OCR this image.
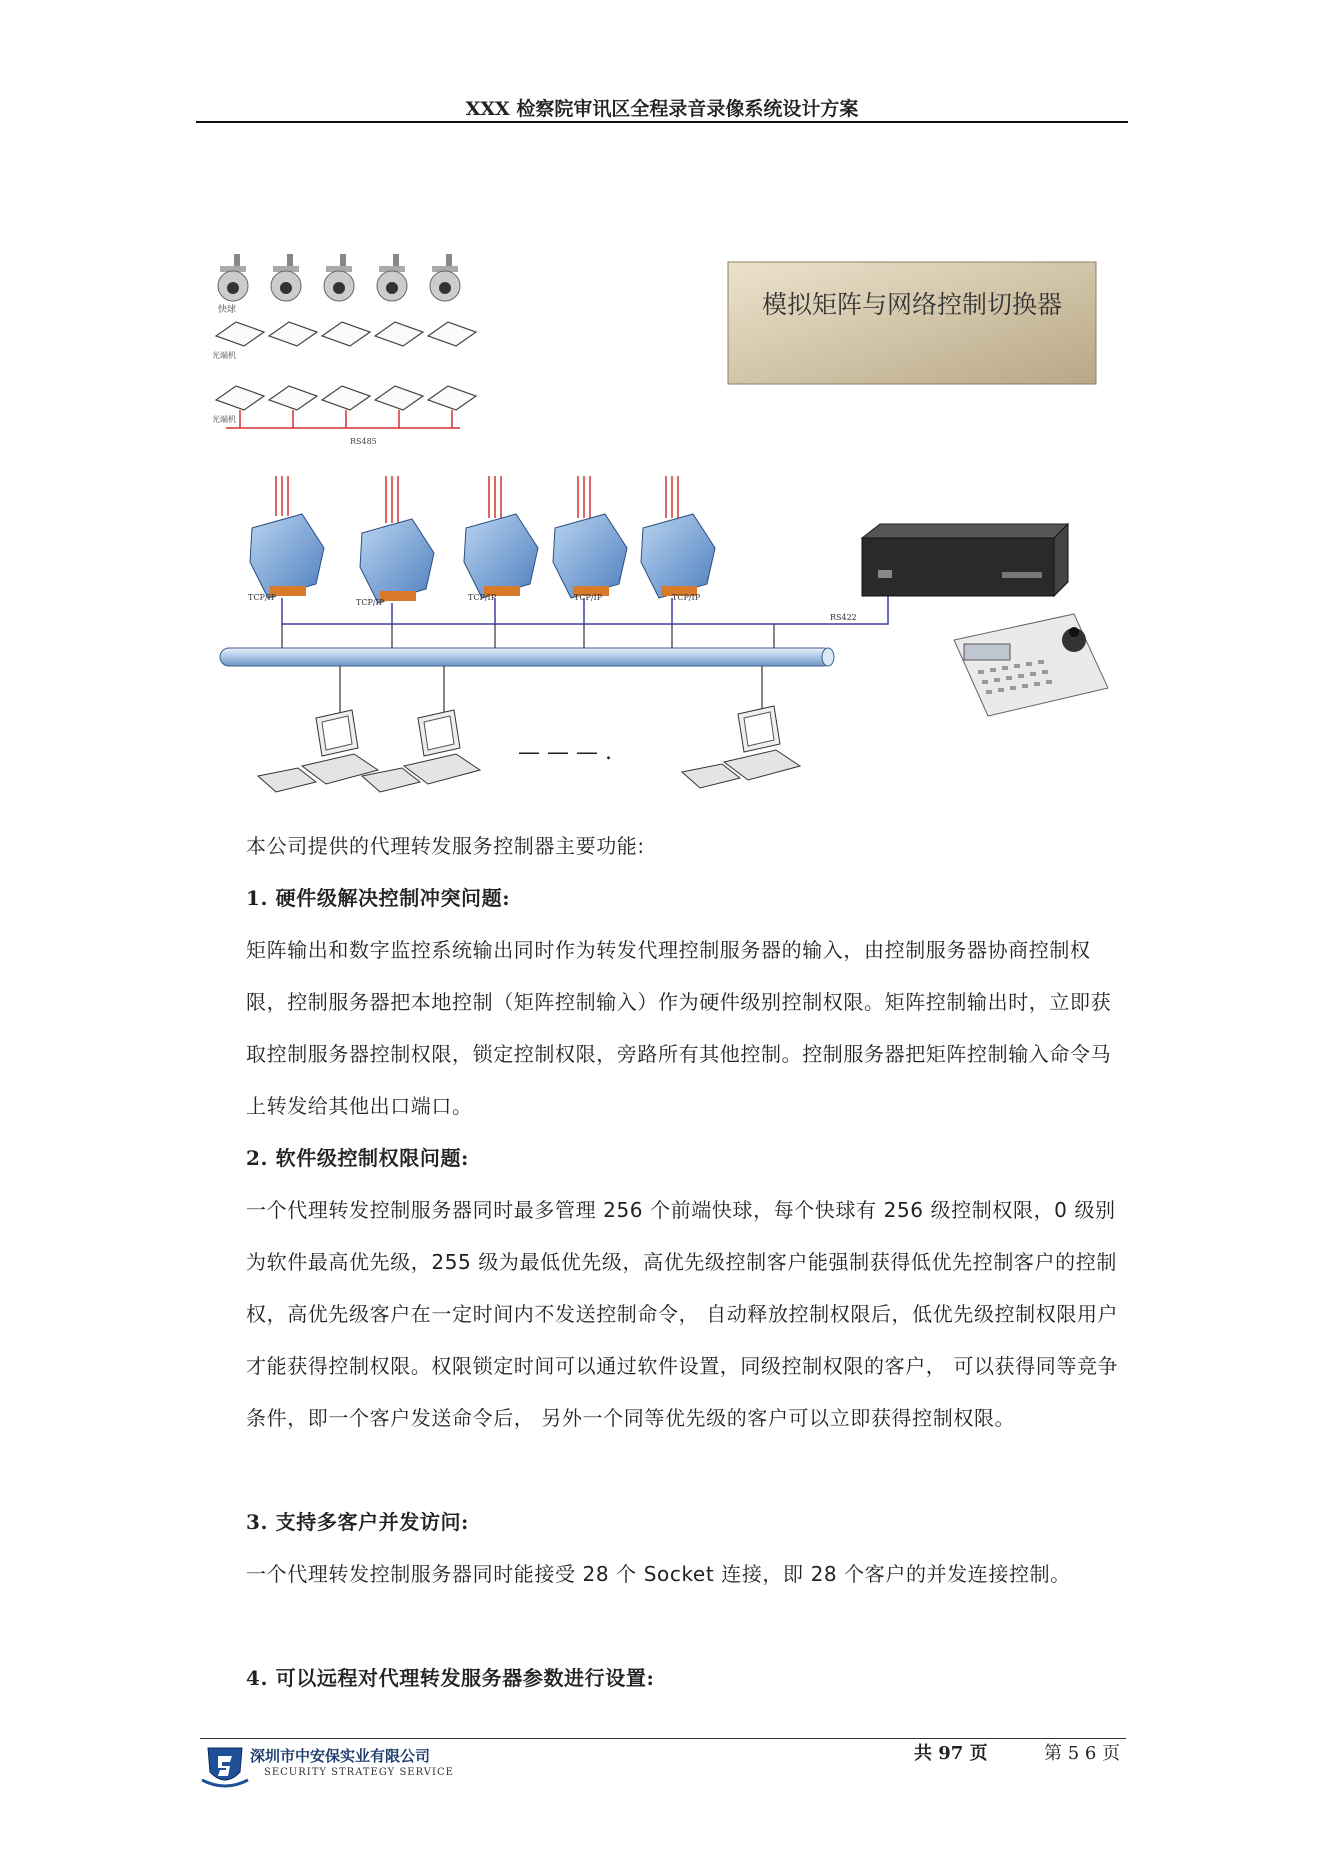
XXX 检察院审讯区全程录音录像系统设计方案
快球
光端机
光端机
RS485
TCP/IP
TCP/IP
TCP/IP	TCP/IP	TCP/IP
RS422
— — — .
模拟矩阵与网络控制切换器
本公司提供的代理转发服务控制器主要功能:
1. 硬件级解决控制冲突问题:
矩阵输出和数字监控系统输出同时作为转发代理控制服务器的输入，由控制服务器协商控制权限，控制服务器把本地控制（矩阵控制输入）作为硬件级别控制权限。矩阵控制输出时，立即获取控制服务器控制权限，锁定控制权限，旁路所有其他控制。控制服务器把矩阵控制输入命令马上转发给其他出口端口。
2. 软件级控制权限问题:
一个代理转发控制服务器同时最多管理 256 个前端快球，每个快球有 256 级控制权限，0 级别为软件最高优先级，255 级为最低优先级，高优先级控制客户能强制获得低优先控制客户的控制权，高优先级客户在一定时间内不发送控制命令， 自动释放控制权限后，低优先级控制权限用户才能获得控制权限。权限锁定时间可以通过软件设置，同级控制权限的客户， 可以获得同等竞争条件，即一个客户发送命令后， 另外一个同等优先级的客户可以立即获得控制权限。
3. 支持多客户并发访问:
一个代理转发控制服务器同时能接受 28 个 Socket 连接，即 28 个客户的并发连接控制。
4. 可以远程对代理转发服务器参数进行设置:
深圳市中安保实业有限公司
SECURITY STRATEGY SERVICE
共 97 页	第 5 6 页
